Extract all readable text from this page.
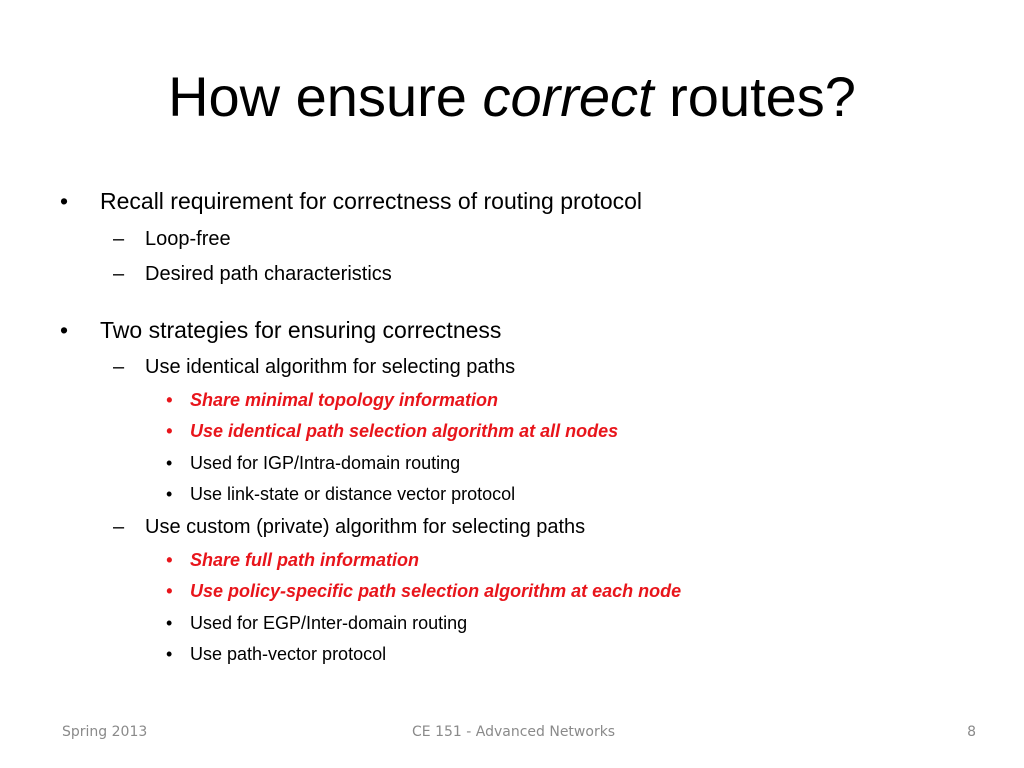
How ensure correct routes?
• Recall requirement for correctness of routing protocol
– Loop-free
– Desired path characteristics
• Two strategies for ensuring correctness
– Use identical algorithm for selecting paths
• Share minimal topology information
• Use identical path selection algorithm at all nodes
• Used for IGP/Intra-domain routing
• Use link-state or distance vector protocol
– Use custom (private) algorithm for selecting paths
• Share full path information
• Use policy-specific path selection algorithm at each node
• Used for EGP/Inter-domain routing
• Use path-vector protocol
Spring 2013	CE 151 - Advanced Networks	8
